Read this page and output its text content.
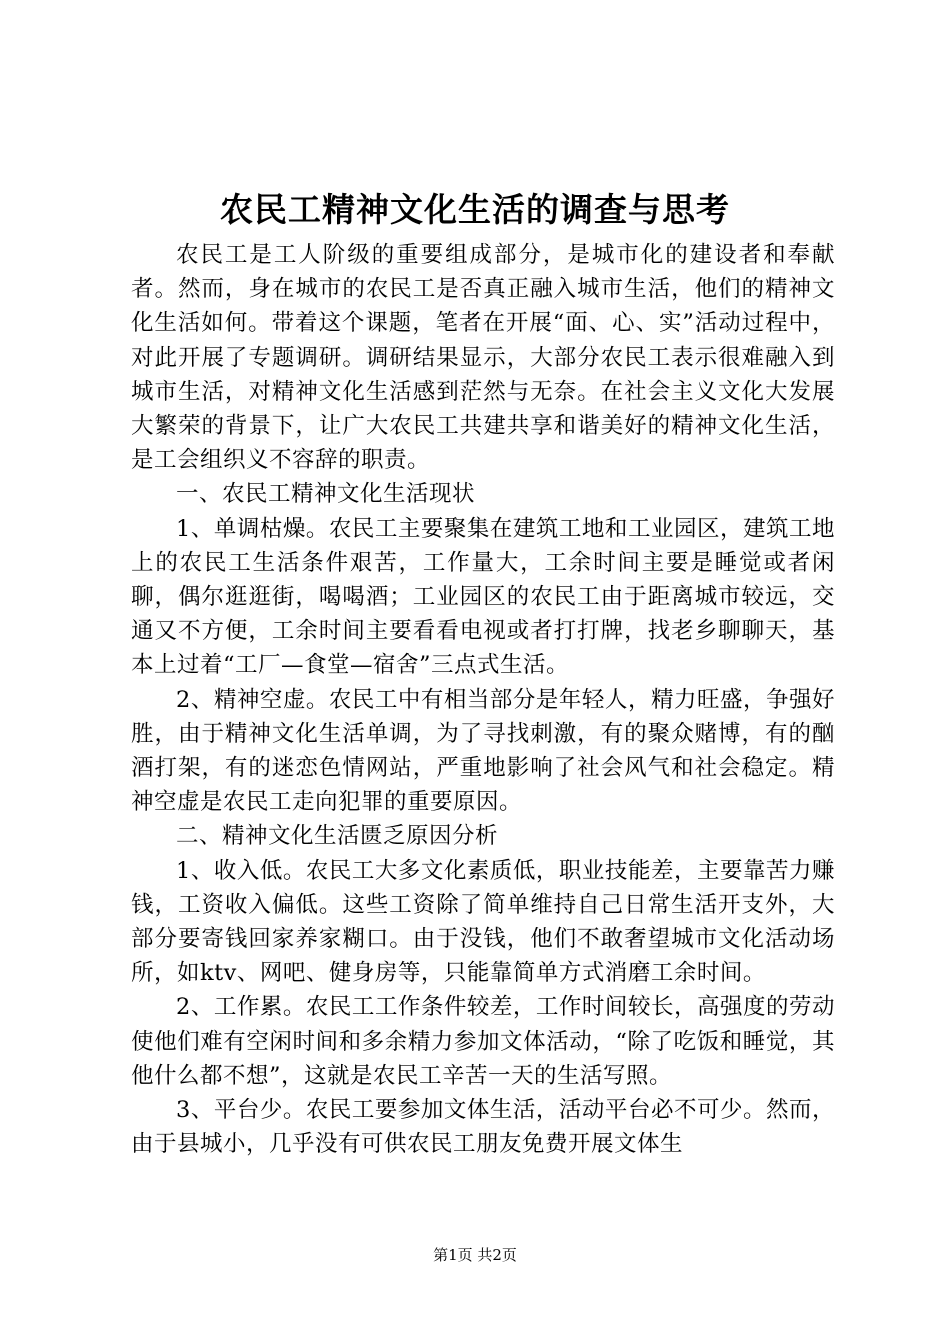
农民工精神文化生活的调查与思考

农民工是工人阶级的重要组成部分，是城市化的建设者和奉献者。然而，身在城市的农民工是否真正融入城市生活，他们的精神文化生活如何。带着这个课题，笔者在开展“面、心、实”活动过程中，对此开展了专题调研。调研结果显示，大部分农民工表示很难融入到城市生活，对精神文化生活感到茫然与无奈。在社会主义文化大发展大繁荣的背景下，让广大农民工共建共享和谐美好的精神文化生活，是工会组织义不容辞的职责。

一、农民工精神文化生活现状

1、单调枯燥。农民工主要聚集在建筑工地和工业园区，建筑工地上的农民工生活条件艰苦，工作量大，工余时间主要是睡觉或者闲聊，偶尔逛逛街，喝喝酒；工业园区的农民工由于距离城市较远，交通又不方便，工余时间主要看看电视或者打打牌，找老乡聊聊天，基本上过着“工厂—食堂—宿舍”三点式生活。

2、精神空虚。农民工中有相当部分是年轻人，精力旺盛，争强好胜，由于精神文化生活单调，为了寻找刺激，有的聚众赌博，有的酗酒打架，有的迷恋色情网站，严重地影响了社会风气和社会稳定。精神空虚是农民工走向犯罪的重要原因。

二、精神文化生活匮乏原因分析

1、收入低。农民工大多文化素质低，职业技能差，主要靠苦力赚钱，工资收入偏低。这些工资除了简单维持自己日常生活开支外，大部分要寄钱回家养家糊口。由于没钱，他们不敢奢望城市文化活动场所，如ktv、网吧、健身房等，只能靠简单方式消磨工余时间。

2、工作累。农民工工作条件较差，工作时间较长，高强度的劳动使他们难有空闲时间和多余精力参加文体活动，“除了吃饭和睡觉，其他什么都不想”，这就是农民工辛苦一天的生活写照。

3、平台少。农民工要参加文体生活，活动平台必不可少。然而，由于县城小，几乎没有可供农民工朋友免费开展文体生

第1页 共2页
